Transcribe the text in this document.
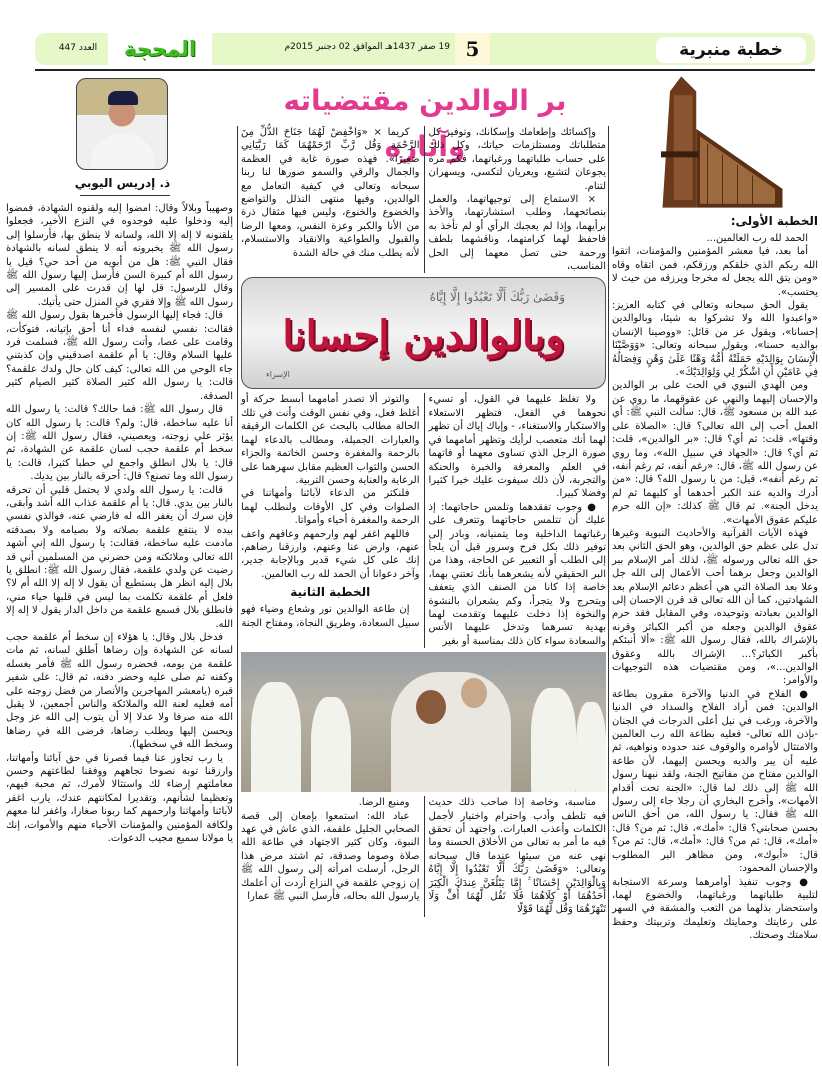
خطبة منبرية
5
19 صفر 1437هـ الموافق 02 دجنبر 2015م
المحجة
العدد 447
بر الوالدين مقتضياته وآثاره
ذ. إدريس اليوبي
الخطبة الأولى:

الحمد لله رب العالمين...

أما بعد، فيا معشر المؤمنين والمؤمنات، اتقوا الله ربكم الذي خلقكم ورزقكم، فمن اتقاه وقاه «ومن يتق الله يجعل له مخرجا ويرزقه من حيث لا يحتسب».

يقول الحق سبحانه وتعالى في كتابه العزيز: «واعبدوا الله ولا تشركوا به شيئا، وبالوالدين إحسانا»، ويقول عز من قائل: «ووصينا الإنسان بوالديه حسنا»، ويقول سبحانه وتعالى: «وَوَصَّيْنَا الْإِنسَانَ بِوَالِدَيْهِ حَمَلَتْهُ أُمُّهُ وَهْنًا عَلَىٰ وَهْنٍ وَفِصَالُهُ فِي عَامَيْنِ أَنِ اشْكُرْ لِي وَلِوَالِدَيْكَ».

ومن الهدي النبوي في الحث على بر الوالدين والإحسان إليهما والنهي عن عقوقهما، ما روي عن عبد الله بن مسعود ﷺ، قال: سألت النبي ﷺ: أي العمل أحب إلى الله تعالى؟ قال: «الصلاة على وقتها»، قلت: ثم أي؟ قال: «بر الوالدين»، قلت: ثم أي؟ قال: «الجهاد في سبيل الله»، وما روي عن رسول الله ﷺ، قال: «رغم أنفه، ثم رغم أنفه، ثم رغم أنفه»، قيل: من يا رسول الله؟ قال: «من أدرك والديه عند الكبر أحدهما أو كليهما ثم لم يدخل الجنة». ثم قال ﷺ كذلك: «إن الله حرم عليكم عقوق الأمهات».

فهذه الآيات القرآنية والأحاديث النبوية وغيرها تدل على عظم حق الوالدين، وهو الحق الثاني بعد حق الله تعالى ورسوله ﷺ، لذلك أمر الإسلام ببر الوالدين وجعل برهما أحب الأعمال إلى الله جل وعلا بعد الصلاة التي هي أعظم دعائم الإسلام بعد الشهادتين، كما أن الله تعالى قد قرن الإحسان إلى الوالدين بعبادته وتوحيده، وفي المقابل فقد حرم عقوق الوالدين وجعله من أكبر الكبائر وقرنه بالإشراك بالله، فقال رسول الله ﷺ: «ألا أنبئكم بأكبر الكبائر؟... الإشراك بالله وعقوق الوالدين...»، ومن مقتضيات هذه التوجيهات والأوامر:

● الفلاح في الدنيا والآخرة مقرون بطاعة الوالدين: فمن أراد الفلاح والسداد في الدنيا والآخرة، ورغب في نيل أعلى الدرجات في الجنان -بإذن الله تعالى- فعليه بطاعة الله رب العالمين والامتثال لأوامره والوقوف عند حدوده ونواهيه، ثم عليه أن يبر والديه ويحسن إليهما، لأن طاعة الوالدين مفتاح من مفاتيح الجنة، ولقد نبهنا رسول الله ﷺ إلى ذلك لما قال: «الجنة تحت أقدام الأمهات»، وأخرج البخاري أن رجلا جاء إلى رسول الله ﷺ فقال: يا رسول الله، من أحق الناس بحسن صحابتي؟ قال: «أمك»، قال: ثم من؟ قال: «أمك»، قال: ثم من؟ قال: «أمك»، قال: ثم من؟ قال: «أبوك»، ومن مظاهر البر المطلوب والإحسان المحمود:

● وجوب تنفيذ أوامرهما وسرعة الاستجابة لتلبية طلباتهما ورغباتهما، والخضوع لهما، واستحضار بذلهما من التعب والمشقة في السهر على رعايتك وحمايتك وتعليمك وتربيتك وحفظ سلامتك وصحتك.

وإكسائك وإطعامك وإسكانك، وتوفير كل متطلباتك ومستلزمات حياتك، وكل ذلك على حساب طلباتهما ورغباتهما، فكم مرة يجوعان لتشبع، ويعريان لتكسى، ويسهران لتنام.

× الاستماع إلى توجيهاتهما، والعمل بنصائحهما، وطلب استشارتهما، والأخذ برأيهما، وإذا لم يعجبك الرأي أو لم تأخذ به فاحفظ لهما كرامتهما، وناقشهما بلطف ورحمة حتى تصل معهما إلى الحل المناسب،

كريما × «وَاخْفِضْ لَهُمَا جَنَاحَ الذُّلِّ مِنَ الرَّحْمَةِ وَقُل رَّبِّ ارْحَمْهُمَا كَمَا رَبَّيَانِي صَغِيرًا». فهذه صورة غاية في العظمة والجمال والرقي والسمو صورها لنا ربنا سبحانه وتعالى في كيفية التعامل مع الوالدين، وفيها منتهى التذلل والتواضع والخضوع والخنوع، وليس فيها مثقال ذرة من الأنا والكبر وعزة النفس، ومعها الرضا والقبول والطواعية والانقياد والاستسلام، لأنه يطلب منك في حالة الشدة

وَقَضَىٰ رَبُّكَ أَلَّا تَعْبُدُوا إِلَّا إِيَّاهُ
وبالوالدين إحسانا
الإسراء

ولا تغلظ عليهما في القول، أو تسيء نحوهما في الفعل، فتظهر الاستعلاء والاستكبار والاستغناء، - وإياك إياك أن تظهر لهما أنك متعصب لرأيك وتظهر أمامهما في صورة الرجل الذي تساوى معهما أو فاتهما في العلم والمعرفة والخبرة والحنكة والتجربة، لأن ذلك سيفوت عليك خيرا كثيرا وفضلا كبيرا.

● وجوب تفقدهما وتلمس حاجاتهما: إذ عليك أن تتلمس حاجاتهما وتتعرف على رغباتهما الداخلية وما يتمنيانه، وبادر إلى توفير ذلك بكل فرح وسرور قبل أن يلجأ إلى الطلب أو التعبير عن الحاجة، وهذا من البر الحقيقي لأنه يشعرهما بأنك تعتني بهما، خاصة إذا كانا من الصنف الذي يتعفف ويتحرج ولا يتجرأ، وكم يشعران بالنشوة والنخوة إذا دخلت عليهما وتقدمت لهما بهدية تسرهما وتدخل عليهما الأنس والسعادة سواء كان ذلك بمناسبة أو بغير

والتوتر ألا تصدر أمامهما أبسط حركة أو أغلظ فعل، وفي نفس الوقت وأنت في تلك الحالة مطالب بالبحث عن الكلمات الرقيقة والعبارات الجميلة، ومطالب بالدعاء لهما بالرحمة والمغفرة وحسن الخاتمة والجزاء الحسن والثواب العظيم مقابل سهرهما على الرعاية والعناية وحسن التربية.

فلنكثر من الدعاء لآبائنا وأمهاتنا في الصلوات وفي كل الأوقات ولنطلب لهما الرحمة والمغفرة أحياء وأمواتا.

فاللهم اغفر لهم وارحمهم وعافهم واعف عنهم، وارض عنا وعنهم، وارزقنا رضاهم، إنك على كل شيء قدير وبالإجابة جدير، وآخر دعوانا أن الحمد لله رب العالمين.

الخطبة الثانية

إن طاعة الوالدين نور وشعاع وضياء فهو سبيل السعادة، وطريق النجاة، ومفتاح الجنة

مناسبة، وخاصة إذا صاحب ذلك حديث فيه تلطف وأدب واحترام واختيار لأجمل الكلمات وأعذب العبارات. واجتهد أن تحقق فيه ما أمر به تعالى من الأخلاق الحسنة وما نهى عنه من سيئها عندما قال سبحانه وتعالى: «وَقَضَىٰ رَبُّكَ أَلَّا تَعْبُدُوا إِلَّا إِيَّاهُ وَبِالْوَالِدَيْنِ إِحْسَانًا ۚ إِمَّا يَبْلُغَنَّ عِندَكَ الْكِبَرَ أَحَدُهُمَا أَوْ كِلَاهُمَا فَلَا تَقُل لَّهُمَا أُفٍّ وَلَا تَنْهَرْهُمَا وَقُل لَّهُمَا قَوْلًا

ومنبع الرضا.

عباد الله: استمعوا بإمعان إلى قصة الصحابي الجليل علقمة، الذي عاش في عهد النبوة، وكان كثير الاجتهاد في طاعة الله صلاة وصوما وصدقة، ثم اشتد مرض هذا الرجل، أرسلت امرأته إلى رسول الله ﷺ إن زوجي علقمة في النزاع أردت أن أعلمك يارسول الله بحاله، فأرسل النبي ﷺ عمارا

وصهيباً وبلالاً وقال: امضوا إليه ولقنوه الشهادة، فمضوا إليه ودخلوا عليه فوجدوه في النزع الأخير، فجعلوا يلقنونه لا إله إلا الله، ولسانه لا ينطق بها، فأرسلوا إلى رسول الله ﷺ يخبرونه أنه لا ينطق لسانه بالشهادة فقال النبي ﷺ: هل من أبويه من أحد حي؟ قيل يا رسول الله أم كبيرة السن فأرسل إليها رسول الله ﷺ وقال للرسول: قل لها إن قدرت على المسير إلى رسول الله ﷺ وإلا فقري في المنزل حتى يأتيك.

قال: فجاء إليها الرسول فأخبرها بقول رسول الله ﷺ فقالت: نفسي لنفسه فداء أنا أحق بإتيانه، فتوكأت، وقامت على عصا، وأتت رسول الله ﷺ، فسلمت فرد عليها السلام وقال: يا أم علقمة اصدقيني وإن كذبتني جاء الوحي من الله تعالى: كيف كان حال ولدك علقمة؟ قالت: يا رسول الله كثير الصلاة كثير الصيام كثير الصدقة.

قال رسول الله ﷺ: فما حالك؟ قالت: يا رسول الله أنا عليه ساخطة، قال: ولم؟ قالت: يا رسول الله كان يؤثر علي زوجته، ويعصيني، فقال رسول الله ﷺ: إن سخط أم علقمة حجب لسان علقمة عن الشهادة، ثم قال: يا بلال انطلق واجمع لي حطبا كثيرا، قالت: يا رسول الله وما تصنع؟ قال: أحرقه بالنار بين يديك.

قالت: يا رسول الله ولدي لا يحتمل قلبي أن تحرقه بالنار بين يدي. قال: يا أم علقمة عذاب الله أشد وأبقى، فإن سرك أن يغفر الله له فارضي عنه، فوالذي نفسي بيده لا ينتفع علقمة بصلاته ولا بصيامه ولا بصدقته مادمت عليه ساخطة، فقالت: يا رسول الله إني أشهد الله تعالى وملائكته ومن حضرني من المسلمين أني قد رضيت عن ولدي علقمة، فقال رسول الله ﷺ: انطلق يا بلال إليه انظر هل يستطيع أن يقول لا إله إلا الله أم لا؟ فلعل أم علقمة تكلمت بما ليس في قلبها حياء مني، فانطلق بلال فسمع علقمة من داخل الدار يقول لا إله إلا الله.

فدخل بلال وقال: يا هؤلاء إن سخط أم علقمة حجب لسانه عن الشهادة وإن رضاها أطلق لسانه، ثم مات علقمة من يومه، فحضره رسول الله ﷺ فأمر بغسله وكفنه ثم صلى عليه وحضر دفنه، ثم قال: على شفير قبره (يامعشر المهاجرين والأنصار من فضل زوجته على أمه فعليه لعنة الله والملائكة والناس أجمعين، لا يقبل الله منه صرفا ولا عدلا إلا أن يتوب إلى الله عز وجل ويحسن إليها ويطلب رضاها، فرضى الله في رضاها وسخط الله في سخطها).

يا رب تجاوز عنا فيما قصرنا في حق آبائنا وأمهاتنا، وارزقنا توبة نصوحا تجاههم ووفقنا لطاعتهم وحسن معاملتهم إرضاء لك واستثالا لأمرك، ثم محبة فيهم، وتعظيما لشأنهم، وتقديرا لمكانتهم عندك، يارب اغفر لآبائنا وأمهاتنا وارحمهم كما ربونا صغارا، واغفر لنا معهم ولكافة المؤمنين والمؤمنات الأحياء منهم والأموات، إنك يا مولانا سميع مجيب الدعوات.
